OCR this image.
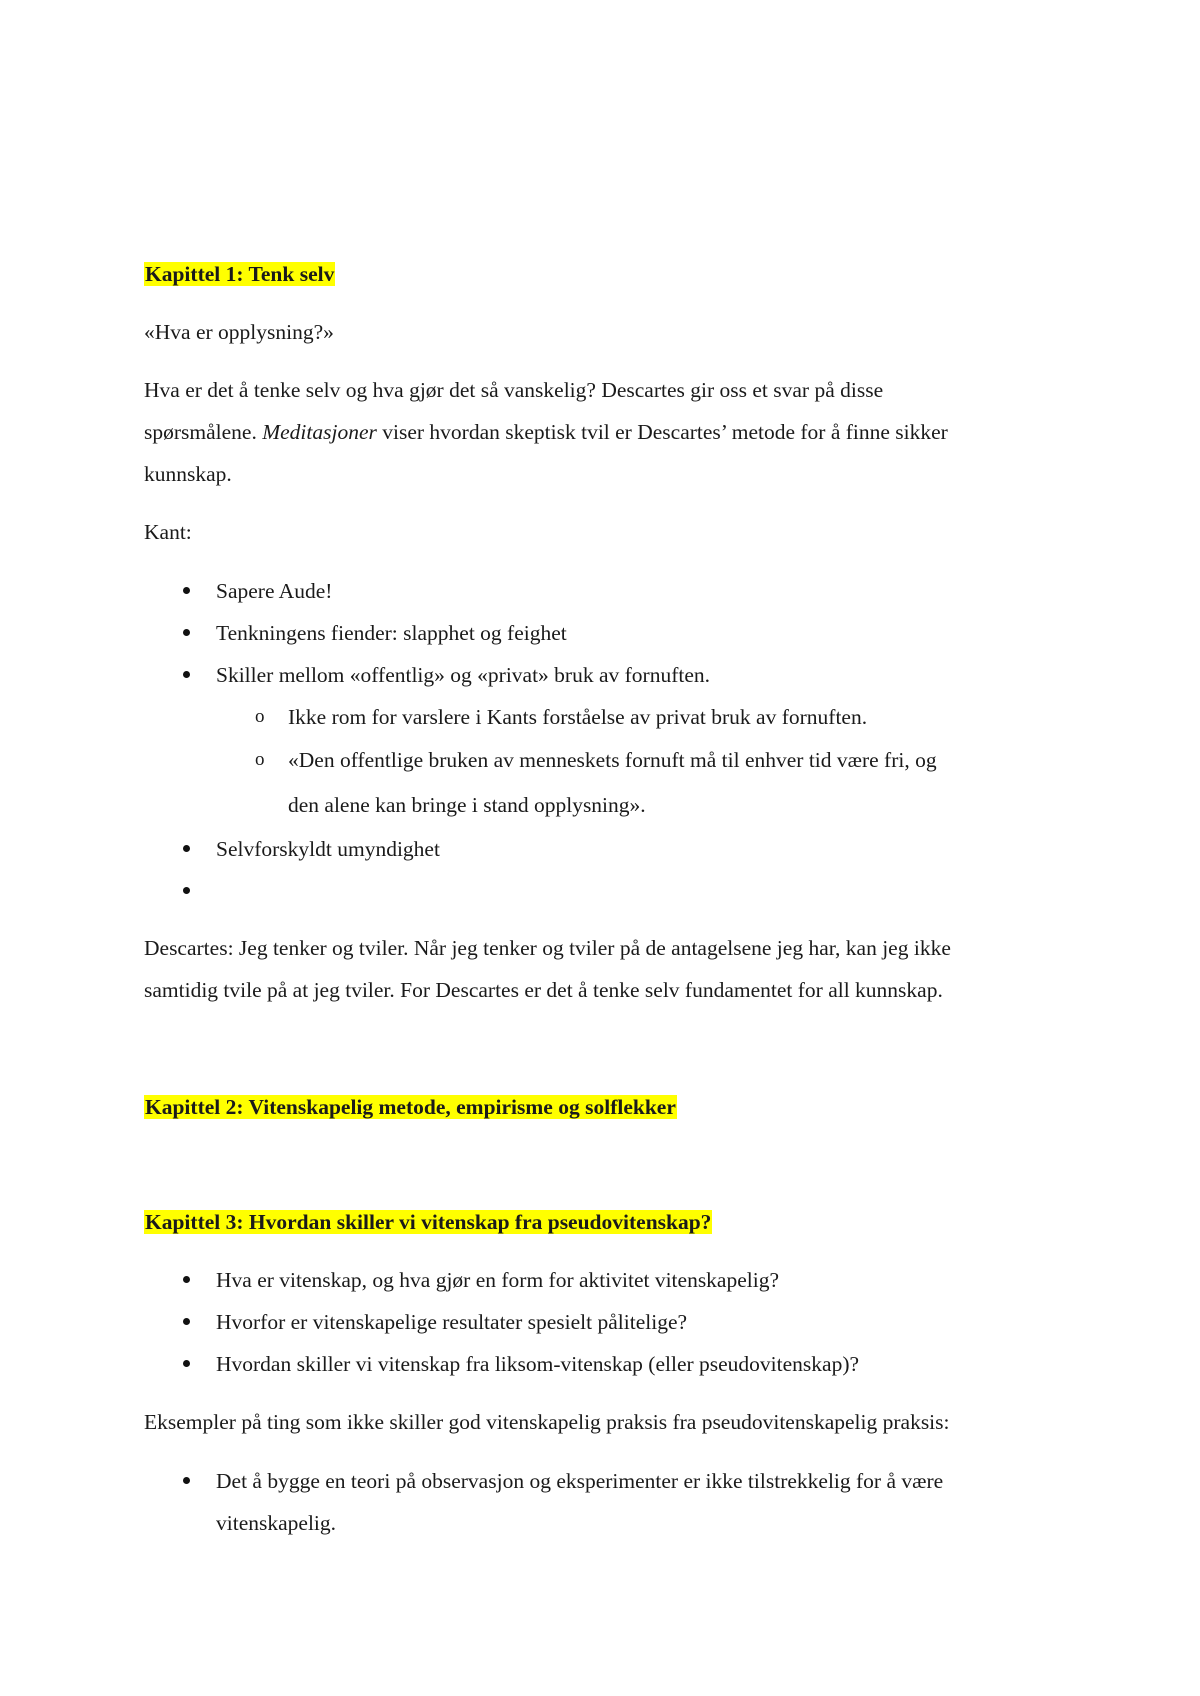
Kapittel 1: Tenk selv
«Hva er opplysning?»
Hva er det å tenke selv og hva gjør det så vanskelig? Descartes gir oss et svar på disse
spørsmålene. Meditasjoner viser hvordan skeptisk tvil er Descartes’ metode for å finne sikker
kunnskap.
Kant:
Sapere Aude!
Tenkningens fiender: slapphet og feighet
Skiller mellom «offentlig» og «privat» bruk av fornuften.
o Ikke rom for varslere i Kants forståelse av privat bruk av fornuften.
o «Den offentlige bruken av menneskets fornuft må til enhver tid være fri, og
den alene kan bringe i stand opplysning».
Selvforskyldt umyndighet
Descartes: Jeg tenker og tviler. Når jeg tenker og tviler på de antagelsene jeg har, kan jeg ikke
samtidig tvile på at jeg tviler. For Descartes er det å tenke selv fundamentet for all kunnskap.
Kapittel 2: Vitenskapelig metode, empirisme og solflekker
Kapittel 3: Hvordan skiller vi vitenskap fra pseudovitenskap?
Hva er vitenskap, og hva gjør en form for aktivitet vitenskapelig?
Hvorfor er vitenskapelige resultater spesielt pålitelige?
Hvordan skiller vi vitenskap fra liksom-vitenskap (eller pseudovitenskap)?
Eksempler på ting som ikke skiller god vitenskapelig praksis fra pseudovitenskapelig praksis:
Det å bygge en teori på observasjon og eksperimenter er ikke tilstrekkelig for å være
vitenskapelig.
